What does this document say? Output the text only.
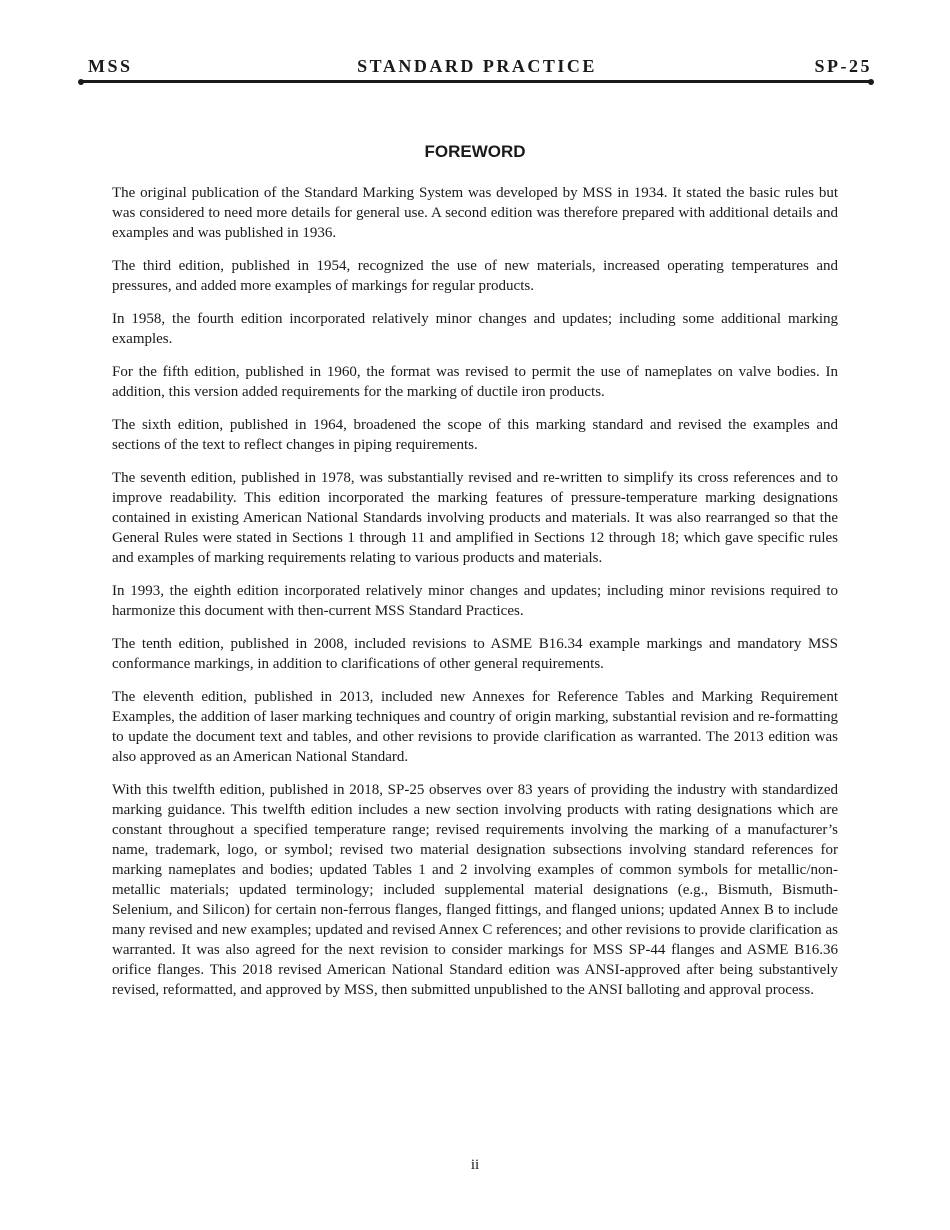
MSS	STANDARD PRACTICE	SP-25
FOREWORD

The original publication of the Standard Marking System was developed by MSS in 1934. It stated the basic rules but was considered to need more details for general use. A second edition was therefore prepared with additional details and examples and was published in 1936.

The third edition, published in 1954, recognized the use of new materials, increased operating temperatures and pressures, and added more examples of markings for regular products.

In 1958, the fourth edition incorporated relatively minor changes and updates; including some additional marking examples.

For the fifth edition, published in 1960, the format was revised to permit the use of nameplates on valve bodies. In addition, this version added requirements for the marking of ductile iron products.

The sixth edition, published in 1964, broadened the scope of this marking standard and revised the examples and sections of the text to reflect changes in piping requirements.

The seventh edition, published in 1978, was substantially revised and re-written to simplify its cross references and to improve readability. This edition incorporated the marking features of pressure-temperature marking designations contained in existing American National Standards involving products and materials. It was also rearranged so that the General Rules were stated in Sections 1 through 11 and amplified in Sections 12 through 18; which gave specific rules and examples of marking requirements relating to various products and materials.

In 1993, the eighth edition incorporated relatively minor changes and updates; including minor revisions required to harmonize this document with then-current MSS Standard Practices.

The tenth edition, published in 2008, included revisions to ASME B16.34 example markings and mandatory MSS conformance markings, in addition to clarifications of other general requirements.

The eleventh edition, published in 2013, included new Annexes for Reference Tables and Marking Requirement Examples, the addition of laser marking techniques and country of origin marking, substantial revision and re-formatting to update the document text and tables, and other revisions to provide clarification as warranted. The 2013 edition was also approved as an American National Standard.

With this twelfth edition, published in 2018, SP-25 observes over 83 years of providing the industry with standardized marking guidance. This twelfth edition includes a new section involving products with rating designations which are constant throughout a specified temperature range; revised requirements involving the marking of a manufacturer’s name, trademark, logo, or symbol; revised two material designation subsections involving standard references for marking nameplates and bodies; updated Tables 1 and 2 involving examples of common symbols for metallic/non-metallic materials; updated terminology; included supplemental material designations (e.g., Bismuth, Bismuth-Selenium, and Silicon) for certain non-ferrous flanges, flanged fittings, and flanged unions; updated Annex B to include many revised and new examples; updated and revised Annex C references; and other revisions to provide clarification as warranted. It was also agreed for the next revision to consider markings for MSS SP-44 flanges and ASME B16.36 orifice flanges. This 2018 revised American National Standard edition was ANSI-approved after being substantively revised, reformatted, and approved by MSS, then submitted unpublished to the ANSI balloting and approval process.

ii
